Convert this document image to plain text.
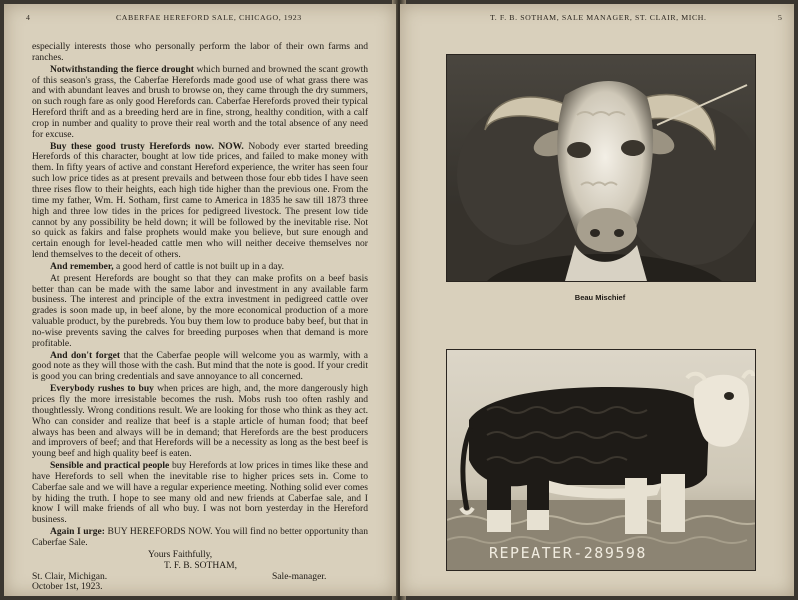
4	CABERFAE HEREFORD SALE, CHICAGO, 1923

especially interests those who personally perform the labor of their own farms and ranches.

Notwithstanding the fierce drought which burned and browned the scant growth of this season's grass, the Caberfae Herefords made good use of what grass there was and with abundant leaves and brush to browse on, they came through the dry summers, on such rough fare as only good Herefords can. Caberfae Herefords proved their typical Hereford thrift and as a breeding herd are in fine, strong, healthy condition, with a calf crop in number and quality to prove their real worth and the total absence of any need for excuse.

Buy these good trusty Herefords now. NOW. Nobody ever started breeding Herefords of this character, bought at low tide prices, and failed to make money with them. In fifty years of active and constant Hereford experience, the writer has seen four such low price tides as at present prevails and between those four ebb tides I have seen three rises flow to their heights, each high tide higher than the previous one. From the time my father, Wm. H. Sotham, first came to America in 1835 he saw till 1873 three high and three low tides in the prices for pedigreed livestock. The present low tide cannot by any possibility be held down; it will be followed by the inevitable rise. Not so quick as fakirs and false prophets would make you believe, but sure enough and certain enough for level-headed cattle men who will neither deceive themselves nor lend themselves to the deceit of others.

And remember, a good herd of cattle is not built up in a day.

At present Herefords are bought so that they can make profits on a beef basis better than can be made with the same labor and investment in any available farm business. The interest and principle of the extra investment in pedigreed cattle over grades is soon made up, in beef alone, by the more economical production of a more valuable product, by the purebreds. You buy them low to produce baby beef, but that in no-wise prevents saving the calves for breeding purposes when that demand is more profitable.

And don't forget that the Caberfae people will welcome you as warmly, with a good note as they will those with the cash. But mind that the note is good. If your credit is good you can bring credentials and save annoyance to all concerned.

Everybody rushes to buy when prices are high, and, the more dangerously high prices fly the more irresistable becomes the rush. Mobs rush too often rashly and thoughtlessly. Wrong conditions result. We are looking for those who think as they act. Who can consider and realize that beef is a staple article of human food; that beef always has been and always will be in demand; that Herefords are the best producers and improvers of beef; and that Herefords will be a necessity as long as the best beef is young beef and high quality beef is eaten.

Sensible and practical people buy Herefords at low prices in times like these and have Herefords to sell when the inevitable rise to higher prices sets in. Come to Caberfae sale and we will have a regular experience meeting. Nothing solid ever comes by hiding the truth. I hope to see many old and new friends at Caberfae sale, and I know I will make friends of all who buy. I was not born yesterday in the Hereford business.

Again I urge: BUY HEREFORDS NOW. You will find no better opportunity than Caberfae Sale.

Yours Faithfully,
T. F. B. SOTHAM,
St. Clair, Michigan.	Sale-manager.
October 1st, 1923.
T. F. B. SOTHAM, SALE MANAGER, ST. CLAIR, MICH.	5
Beau Mischief
REPEATER-289598
